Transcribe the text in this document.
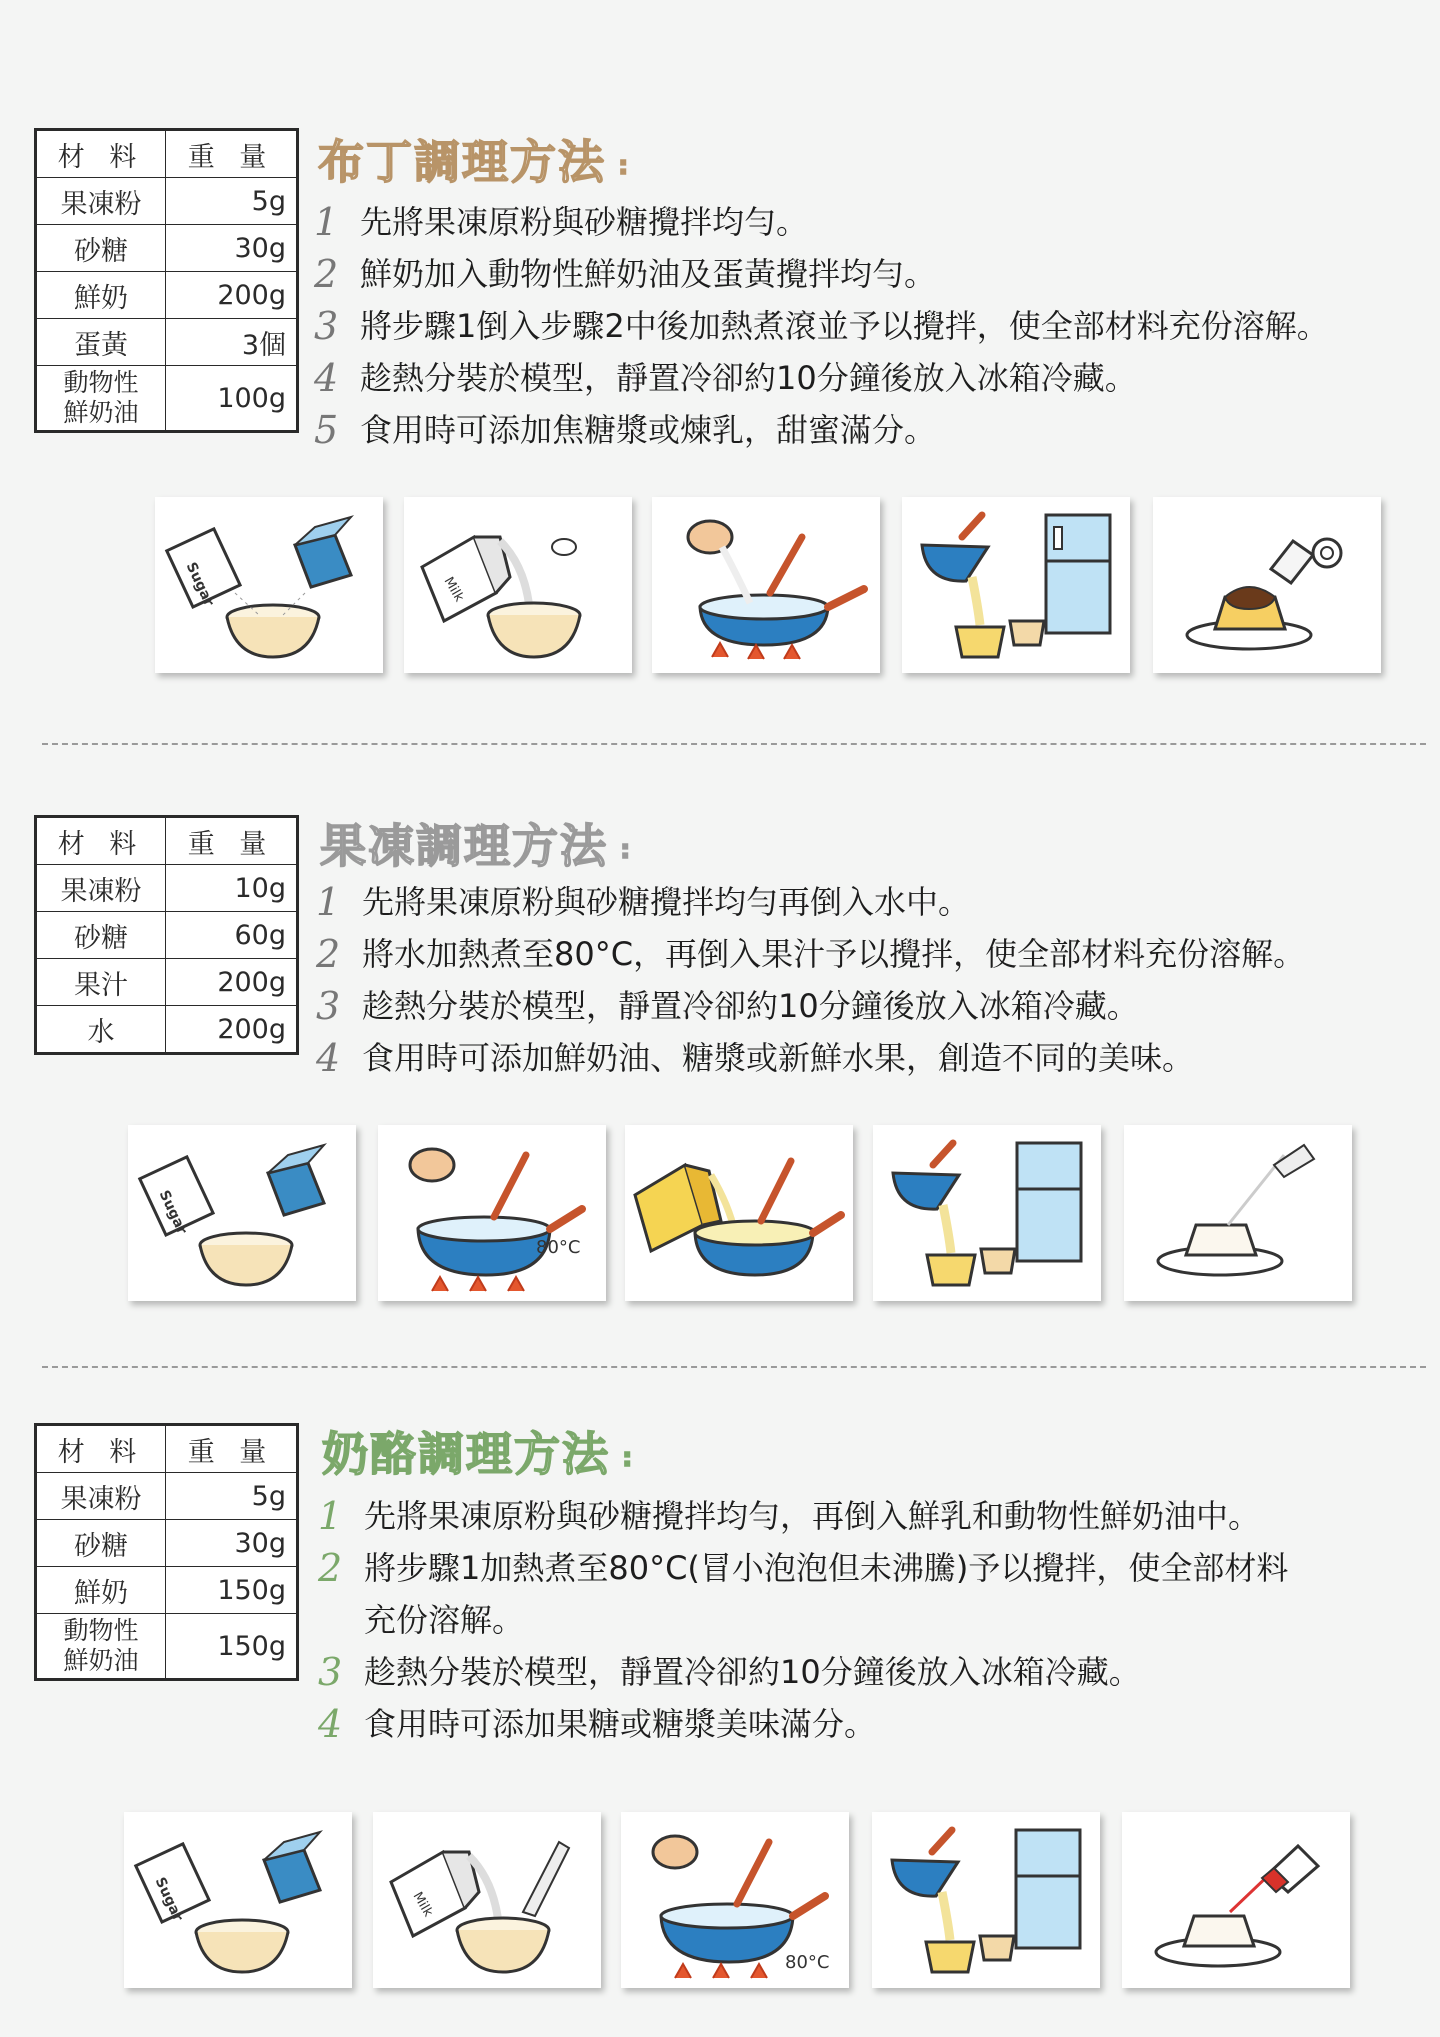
材 料	重 量
果凍粉	5g
砂糖	30g
鮮奶	200g
蛋黃	3個
動物性
鮮奶油	100g
布丁調理方法 :
1 先將果凍原粉與砂糖攪拌均勻。
2 鮮奶加入動物性鮮奶油及蛋黃攪拌均勻。
3 將步驟1倒入步驟2中後加熱煮滾並予以攪拌，使全部材料充份溶解。
4 趁熱分裝於模型，靜置冷卻約10分鐘後放入冰箱冷藏。
5 食用時可添加焦糖漿或煉乳，甜蜜滿分。
Sugar	Milk
材 料	重 量
果凍粉	10g
砂糖	60g
果汁	200g
水	200g
果凍調理方法 :
1 先將果凍原粉與砂糖攪拌均勻再倒入水中。
2 將水加熱煮至80°C，再倒入果汁予以攪拌，使全部材料充份溶解。
3 趁熱分裝於模型，靜置冷卻約10分鐘後放入冰箱冷藏。
4 食用時可添加鮮奶油、糖漿或新鮮水果，創造不同的美味。
Sugar
80°C
材 料	重 量
果凍粉	5g
砂糖	30g
鮮奶	150g
動物性
鮮奶油	150g
奶酪調理方法 :
1 先將果凍原粉與砂糖攪拌均勻，再倒入鮮乳和動物性鮮奶油中。
2 將步驟1加熱煮至80°C(冒小泡泡但未沸騰)予以攪拌，使全部材料
充份溶解。
3 趁熱分裝於模型，靜置冷卻約10分鐘後放入冰箱冷藏。
4 食用時可添加果糖或糖漿美味滿分。
Sugar	Milk
80°C
